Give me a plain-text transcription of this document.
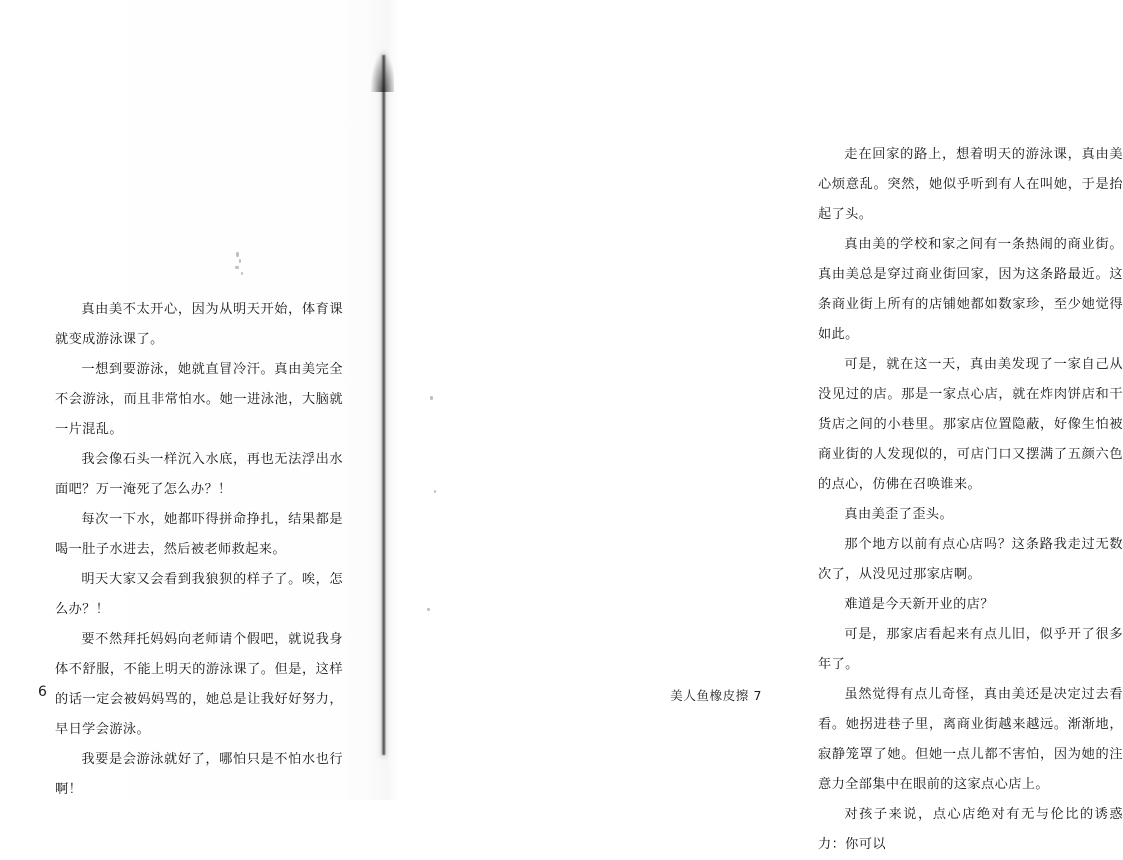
真由美不太开心，因为从明天开始，体育课就变成游泳课了。

一想到要游泳，她就直冒冷汗。真由美完全不会游泳，而且非常怕水。她一进泳池，大脑就一片混乱。

我会像石头一样沉入水底，再也无法浮出水面吧？万一淹死了怎么办？！

每次一下水，她都吓得拼命挣扎，结果都是喝一肚子水进去，然后被老师救起来。

明天大家又会看到我狼狈的样子了。唉，怎么办？！

要不然拜托妈妈向老师请个假吧，就说我身体不舒服，不能上明天的游泳课了。但是，这样的话一定会被妈妈骂的，她总是让我好好努力，早日学会游泳。

我要是会游泳就好了，哪怕只是不怕水也行啊！

6

走在回家的路上，想着明天的游泳课，真由美心烦意乱。突然，她似乎听到有人在叫她，于是抬起了头。

真由美的学校和家之间有一条热闹的商业街。真由美总是穿过商业街回家，因为这条路最近。这条商业街上所有的店铺她都如数家珍，至少她觉得如此。

可是，就在这一天，真由美发现了一家自己从没见过的店。那是一家点心店，就在炸肉饼店和干货店之间的小巷里。那家店位置隐蔽，好像生怕被商业街的人发现似的，可店门口又摆满了五颜六色的点心，仿佛在召唤谁来。

真由美歪了歪头。

那个地方以前有点心店吗？这条路我走过无数次了，从没见过那家店啊。

难道是今天新开业的店？

可是，那家店看起来有点儿旧，似乎开了很多年了。

虽然觉得有点儿奇怪，真由美还是决定过去看看。她拐进巷子里，离商业街越来越远。渐渐地，寂静笼罩了她。但她一点儿都不害怕，因为她的注意力全部集中在眼前的这家点心店上。

对孩子来说，点心店绝对有无与伦比的诱惑力：你可以

美人鱼橡皮擦 7
